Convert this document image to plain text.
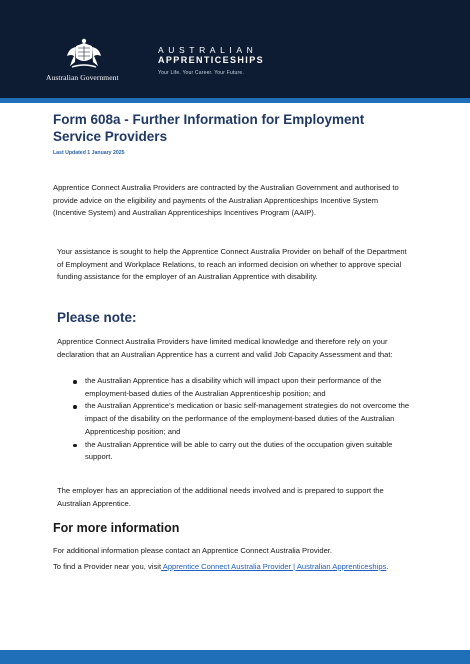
Australian Government
AUSTRALIAN
APPRENTICESHIPS
Your Life. Your Career. Your Future.
Form 608a - Further Information for Employment Service Providers
Last Updated 1 January 2025

Apprentice Connect Australia Providers are contracted by the Australian Government and authorised to provide advice on the eligibility and payments of the Australian Apprenticeships Incentive System (Incentive System) and Australian Apprenticeships Incentives Program (AAIP).

Your assistance is sought to help the Apprentice Connect Australia Provider on behalf of the Department of Employment and Workplace Relations, to reach an informed decision on whether to approve special funding assistance for the employer of an Australian Apprentice with disability.

Please note:

Apprentice Connect Australia Providers have limited medical knowledge and therefore rely on your declaration that an Australian Apprentice has a current and valid Job Capacity Assessment and that:

the Australian Apprentice has a disability which will impact upon their performance of the employment-based duties of the Australian Apprenticeship position; and
the Australian Apprentice’s medication or basic self-management strategies do not overcome the impact of the disability on the performance of the employment-based duties of the Australian Apprenticeship position; and
the Australian Apprentice will be able to carry out the duties of the occupation given suitable support.

The employer has an appreciation of the additional needs involved and is prepared to support the Australian Apprentice.

For more information

For additional information please contact an Apprentice Connect Australia Provider.

To find a Provider near you, visit Apprentice Connect Australia Provider | Australian Apprenticeships.
